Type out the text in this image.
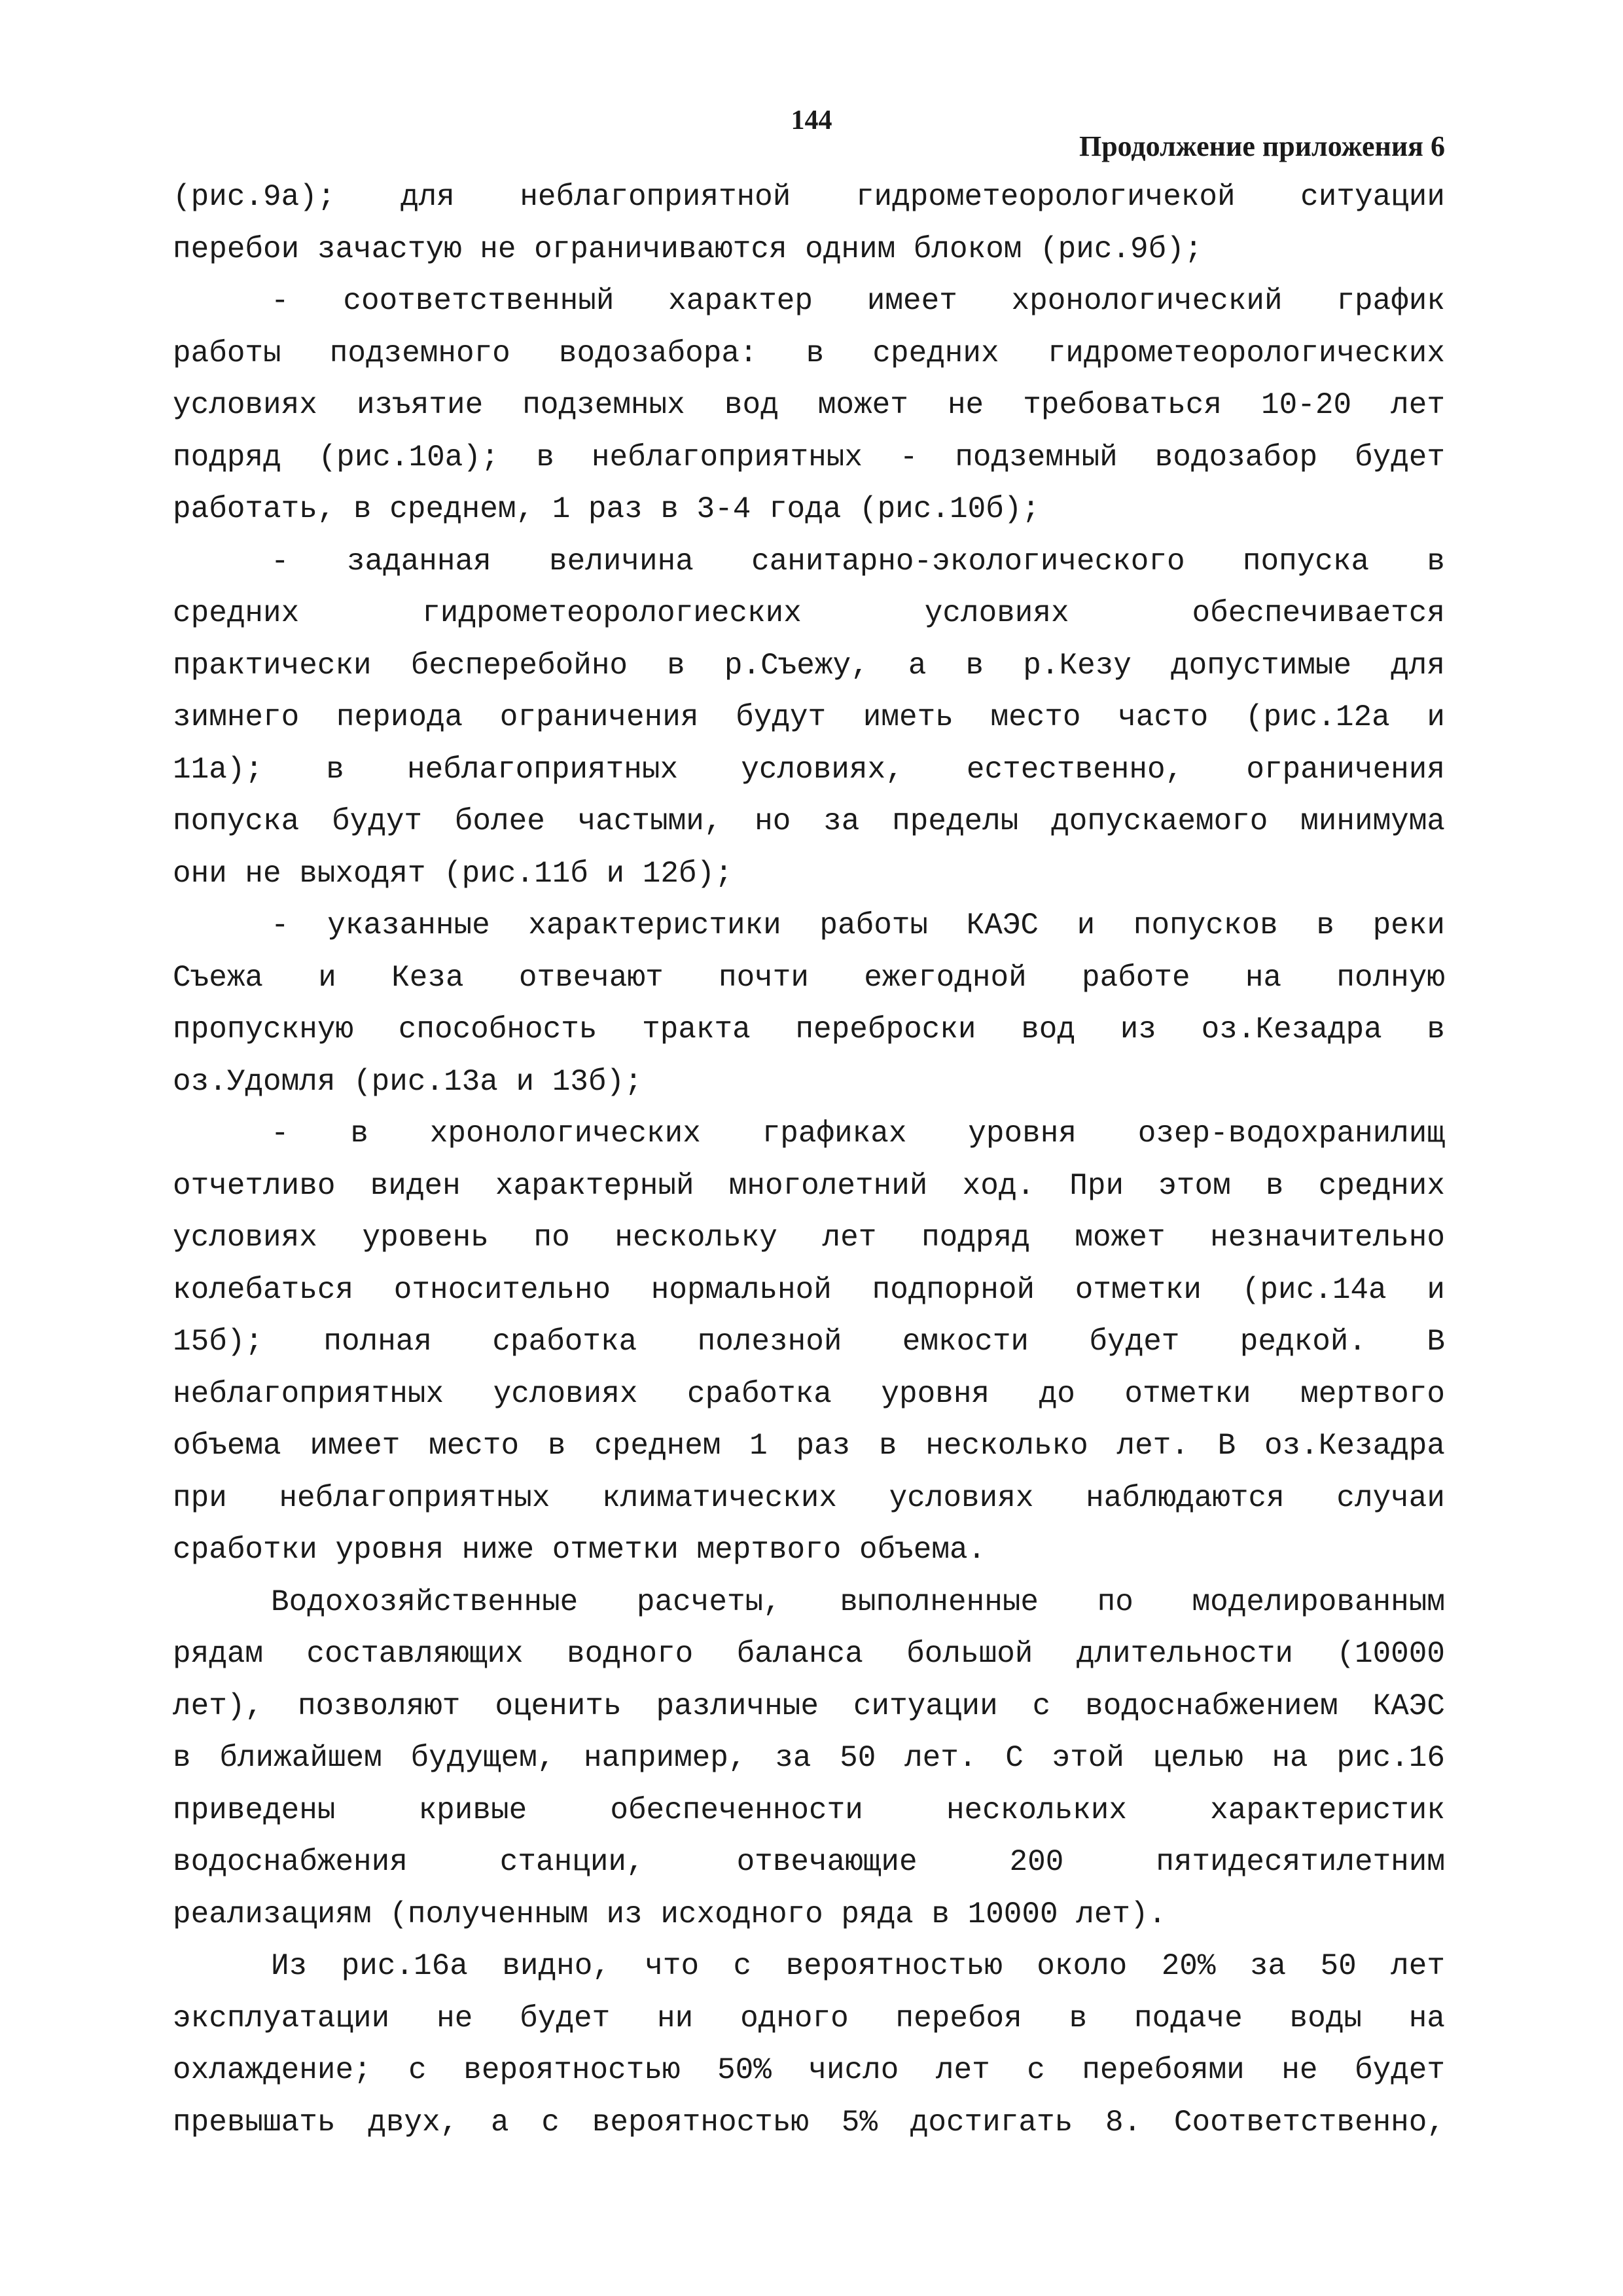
144
Продолжение приложения 6
(рис.9а); для неблагоприятной гидрометеорологичекой ситуации
перебои зачастую не ограничиваются одним блоком (рис.9б);
- соответственный характер имеет хронологический график
работы подземного водозабора: в средних гидрометеорологических
условиях изъятие подземных вод может не требоваться 10-20 лет
подряд (рис.10а); в неблагоприятных - подземный водозабор будет
работать, в среднем, 1 раз в 3-4 года (рис.10б);
- заданная величина санитарно-экологического попуска в
средних гидрометеорологиеских условиях обеспечивается
практически бесперебойно в р.Съежу, а в р.Кезу допустимые для
зимнего периода ограничения будут иметь место часто (рис.12а и
11а); в неблагоприятных условиях, естественно, ограничения
попуска будут более частыми, но за пределы допускаемого минимума
они не выходят (рис.11б и 12б);
- указанные характеристики работы КАЭС и попусков в реки
Съежа и Кеза отвечают почти ежегодной работе на полную
пропускную способность тракта переброски вод из оз.Кезадра в
оз.Удомля (рис.13а и 13б);
- в хронологических графиках уровня озер-водохранилищ
отчетливо виден характерный многолетний ход. При этом в средних
условиях уровень по нескольку лет подряд может незначительно
колебаться относительно нормальной подпорной отметки (рис.14а и
15б); полная сработка полезной емкости будет редкой. В
неблагоприятных условиях сработка уровня до отметки мертвого
объема имеет место в среднем 1 раз в несколько лет. В оз.Кезадра
при неблагоприятных климатических условиях наблюдаются случаи
сработки уровня ниже отметки мертвого объема.
Водохозяйственные расчеты, выполненные по моделированным
рядам составляющих водного баланса большой длительности (10000
лет), позволяют оценить различные ситуации с водоснабжением КАЭС
в ближайшем будущем, например, за 50 лет. С этой целью на рис.16
приведены кривые обеспеченности нескольких характеристик
водоснабжения станции, отвечающие 200 пятидесятилетним
реализациям (полученным из исходного ряда в 10000 лет).
Из рис.16а видно, что с вероятностью около 20% за 50 лет
эксплуатации не будет ни одного перебоя в подаче воды на
охлаждение; с вероятностью 50% число лет с перебоями не будет
превышать двух, а с вероятностью 5% достигать 8. Соответственно,
